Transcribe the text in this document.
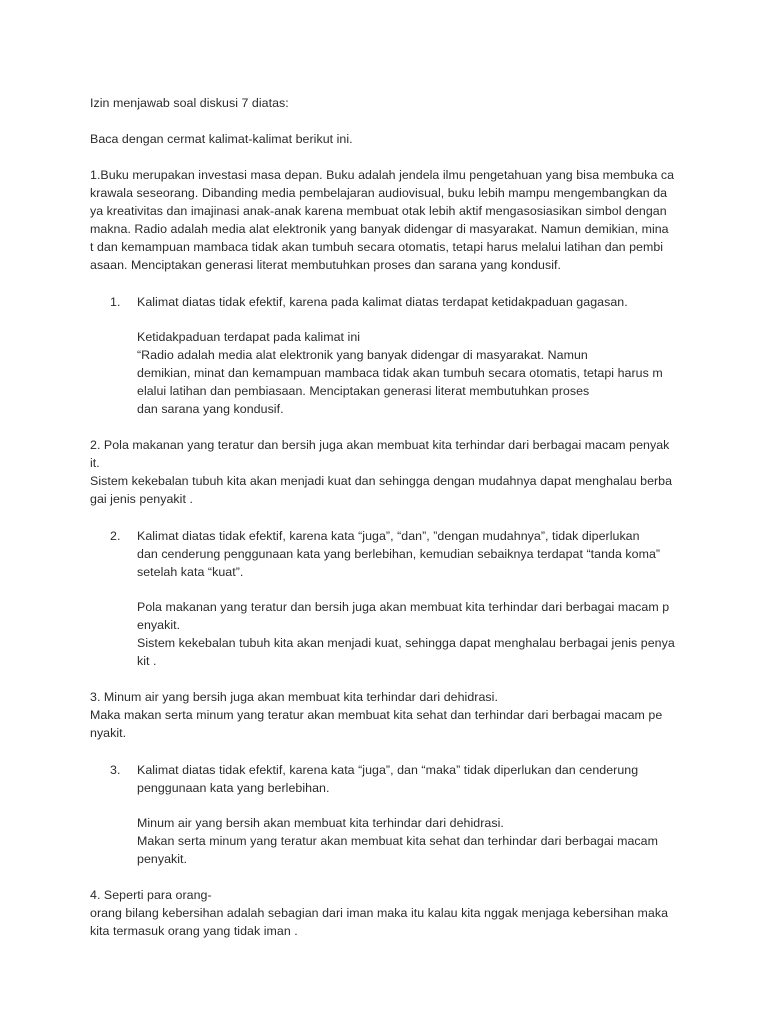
Izin menjawab soal diskusi 7 diatas:
Baca dengan cermat kalimat-kalimat berikut ini.
1.Buku merupakan investasi masa depan. Buku adalah jendela ilmu pengetahuan yang bisa membuka ca
krawala seseorang. Dibanding media pembelajaran audiovisual, buku lebih mampu mengembangkan da
ya kreativitas dan imajinasi anak-anak karena membuat otak lebih aktif mengasosiasikan simbol dengan
makna. Radio adalah media alat elektronik yang banyak didengar di masyarakat. Namun demikian, mina
t dan kemampuan mambaca tidak akan tumbuh secara otomatis, tetapi harus melalui latihan dan pembi
asaan. Menciptakan generasi literat membutuhkan proses dan sarana yang kondusif.
1.	Kalimat diatas tidak efektif, karena pada kalimat diatas terdapat ketidakpaduan gagasan.
Ketidakpaduan terdapat pada kalimat ini
“Radio adalah media alat elektronik yang banyak didengar di masyarakat. Namun
demikian, minat dan kemampuan mambaca tidak akan tumbuh secara otomatis, tetapi harus m
elalui latihan dan pembiasaan. Menciptakan generasi literat membutuhkan proses
dan sarana yang kondusif.
2. Pola makanan yang teratur dan bersih juga akan membuat kita terhindar dari berbagai macam penyak
it.
Sistem kekebalan tubuh kita akan menjadi kuat dan sehingga dengan mudahnya dapat menghalau berba
gai jenis penyakit .
2.	Kalimat diatas tidak efektif, karena kata “juga”, “dan”, ”dengan mudahnya”, tidak diperlukan
dan cenderung penggunaan kata yang berlebihan, kemudian sebaiknya terdapat “tanda koma”
setelah kata “kuat”.
Pola makanan yang teratur dan bersih juga akan membuat kita terhindar dari berbagai macam p
enyakit.
Sistem kekebalan tubuh kita akan menjadi kuat, sehingga dapat menghalau berbagai jenis penya
kit .
3. Minum air yang bersih juga akan membuat kita terhindar dari dehidrasi.
Maka makan serta minum yang teratur akan membuat kita sehat dan terhindar dari berbagai macam pe
nyakit.
3.	Kalimat diatas tidak efektif, karena kata “juga”, dan “maka” tidak diperlukan dan cenderung
penggunaan kata yang berlebihan.
Minum air yang bersih akan membuat kita terhindar dari dehidrasi.
Makan serta minum yang teratur akan membuat kita sehat dan terhindar dari berbagai macam
penyakit.
4. Seperti para orang-
orang bilang kebersihan adalah sebagian dari iman maka itu kalau kita nggak menjaga kebersihan maka
kita termasuk orang yang tidak iman .
